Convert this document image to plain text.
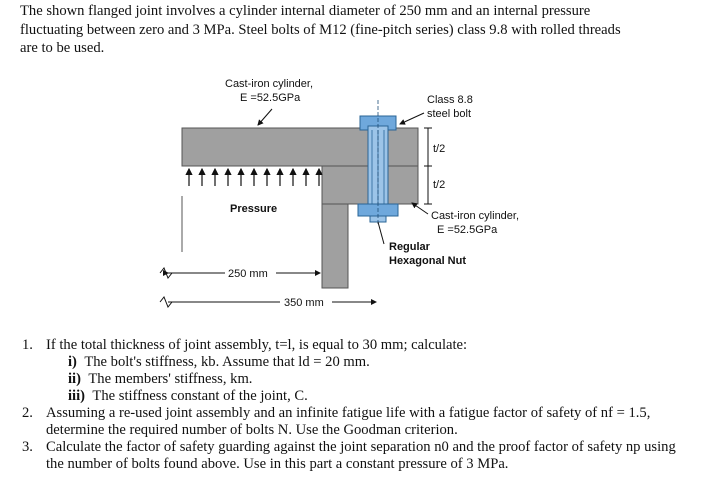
The shown flanged joint involves a cylinder internal diameter of 250 mm and an internal pressure
fluctuating between zero and 3 MPa. Steel bolts of M12 (fine-pitch series) class 9.8 with rolled threads
are to be used.
Cast-iron cylinder,
E =52.5GPa	Class 8.8
steel bolt
t/2
t/2
Pressure
Cast-iron cylinder,
E =52.5GPa
Regular
Hexagonal Nut
250 mm
350 mm
1. If the total thickness of joint assembly, t=l, is equal to 30 mm; calculate:
i) The bolt's stiffness, kb. Assume that ld = 20 mm.
ii) The members' stiffness, km.
iii) The stiffness constant of the joint, C.
2. Assuming a re-used joint assembly and an infinite fatigue life with a fatigue factor of safety of nf = 1.5, determine the required number of bolts N. Use the Goodman criterion.
3. Calculate the factor of safety guarding against the joint separation n0 and the proof factor of safety np using the number of bolts found above. Use in this part a constant pressure of 3 MPa.
